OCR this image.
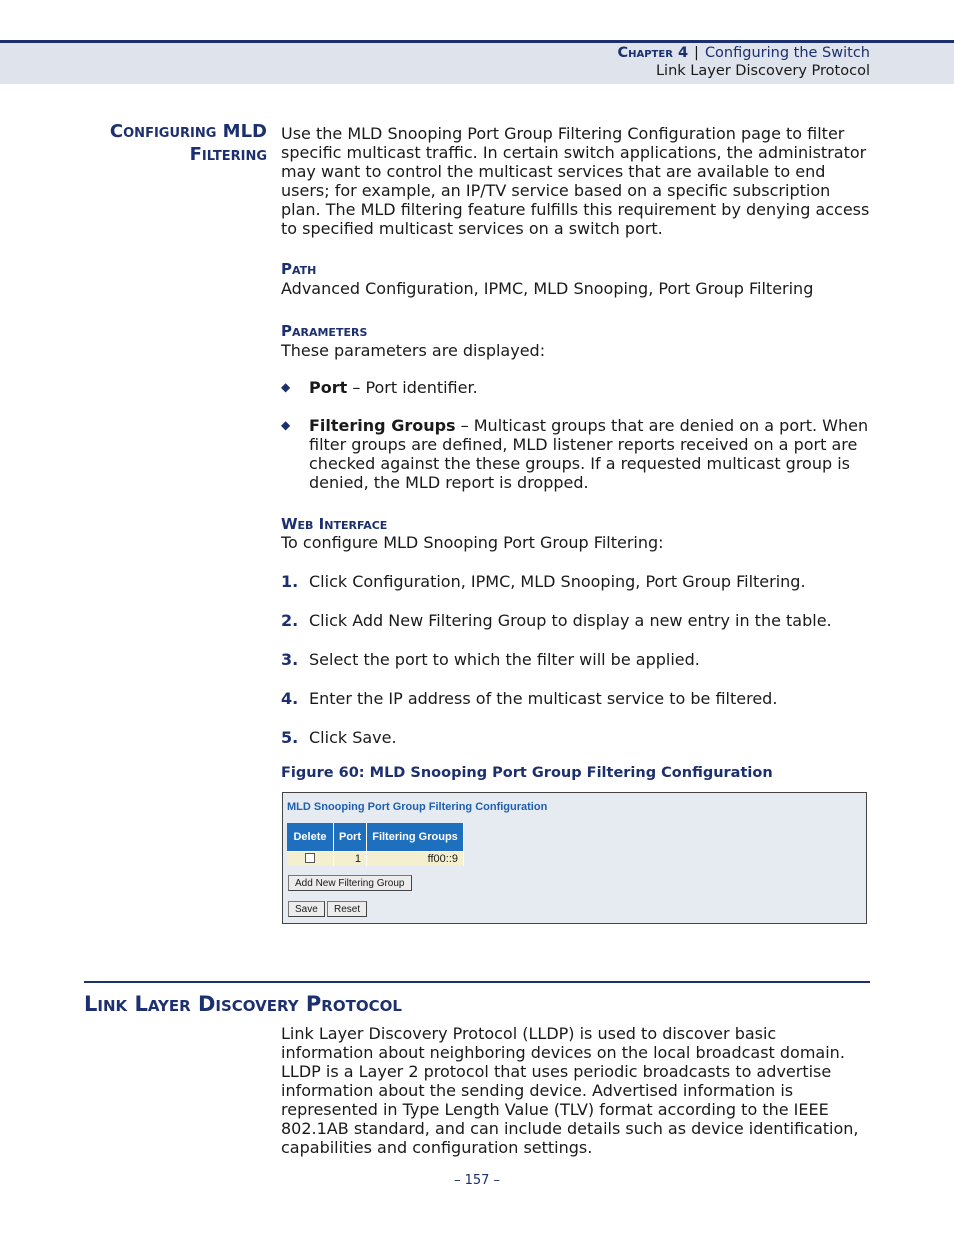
Chapter 4 | Configuring the Switch
Link Layer Discovery Protocol
Configuring MLD
Filtering
Use the MLD Snooping Port Group Filtering Configuration page to filter specific multicast traffic. In certain switch applications, the administrator may want to control the multicast services that are available to end users; for example, an IP/TV service based on a specific subscription plan. The MLD filtering feature fulfills this requirement by denying access to specified multicast services on a switch port.
Path
Advanced Configuration, IPMC, MLD Snooping, Port Group Filtering
Parameters
These parameters are displayed:
◆ Port – Port identifier.
◆ Filtering Groups – Multicast groups that are denied on a port. When filter groups are defined, MLD listener reports received on a port are checked against the these groups. If a requested multicast group is denied, the MLD report is dropped.
Web Interface
To configure MLD Snooping Port Group Filtering:
1. Click Configuration, IPMC, MLD Snooping, Port Group Filtering.
2. Click Add New Filtering Group to display a new entry in the table.
3. Select the port to which the filter will be applied.
4. Enter the IP address of the multicast service to be filtered.
5. Click Save.
Figure 60: MLD Snooping Port Group Filtering Configuration
MLD Snooping Port Group Filtering Configuration
Delete	Port	Filtering Groups
	1	ff00::9
Add New Filtering Group
Save	Reset
Link Layer Discovery Protocol
Link Layer Discovery Protocol (LLDP) is used to discover basic information about neighboring devices on the local broadcast domain. LLDP is a Layer 2 protocol that uses periodic broadcasts to advertise information about the sending device. Advertised information is represented in Type Length Value (TLV) format according to the IEEE 802.1AB standard, and can include details such as device identification, capabilities and configuration settings.
– 157 –
